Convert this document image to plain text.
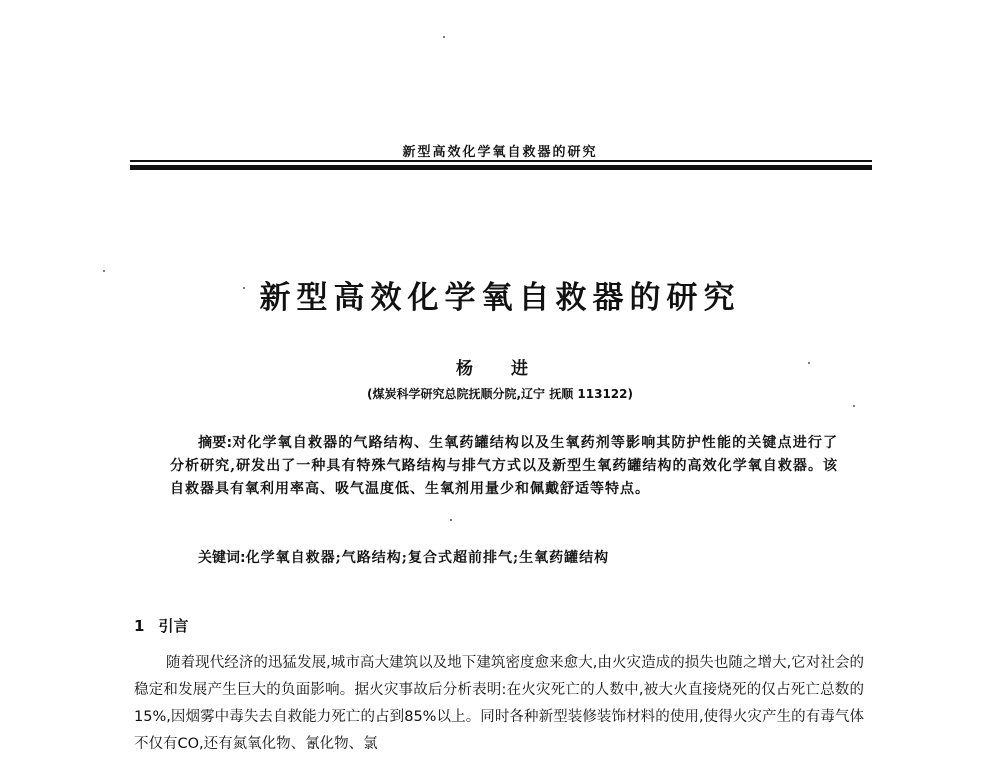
新型高效化学氧自救器的研究
新型高效化学氧自救器的研究
杨 进
(煤炭科学研究总院抚顺分院,辽宁 抚顺 113122)
摘要:对化学氧自救器的气路结构、生氧药罐结构以及生氧药剂等影响其防护性能的关键点进行了分析研究,研发出了一种具有特殊气路结构与排气方式以及新型生氧药罐结构的高效化学氧自救器。该自救器具有氧利用率高、吸气温度低、生氧剂用量少和佩戴舒适等特点。
关键词:化学氧自救器;气路结构;复合式超前排气;生氧药罐结构
1 引言
随着现代经济的迅猛发展,城市高大建筑以及地下建筑密度愈来愈大,由火灾造成的损失也随之增大,它对社会的稳定和发展产生巨大的负面影响。据火灾事故后分析表明:在火灾死亡的人数中,被大火直接烧死的仅占死亡总数的15%,因烟雾中毒失去自救能力死亡的占到85%以上。同时各种新型装修装饰材料的使用,使得火灾产生的有毒气体不仅有CO,还有氮氧化物、氰化物、氯
